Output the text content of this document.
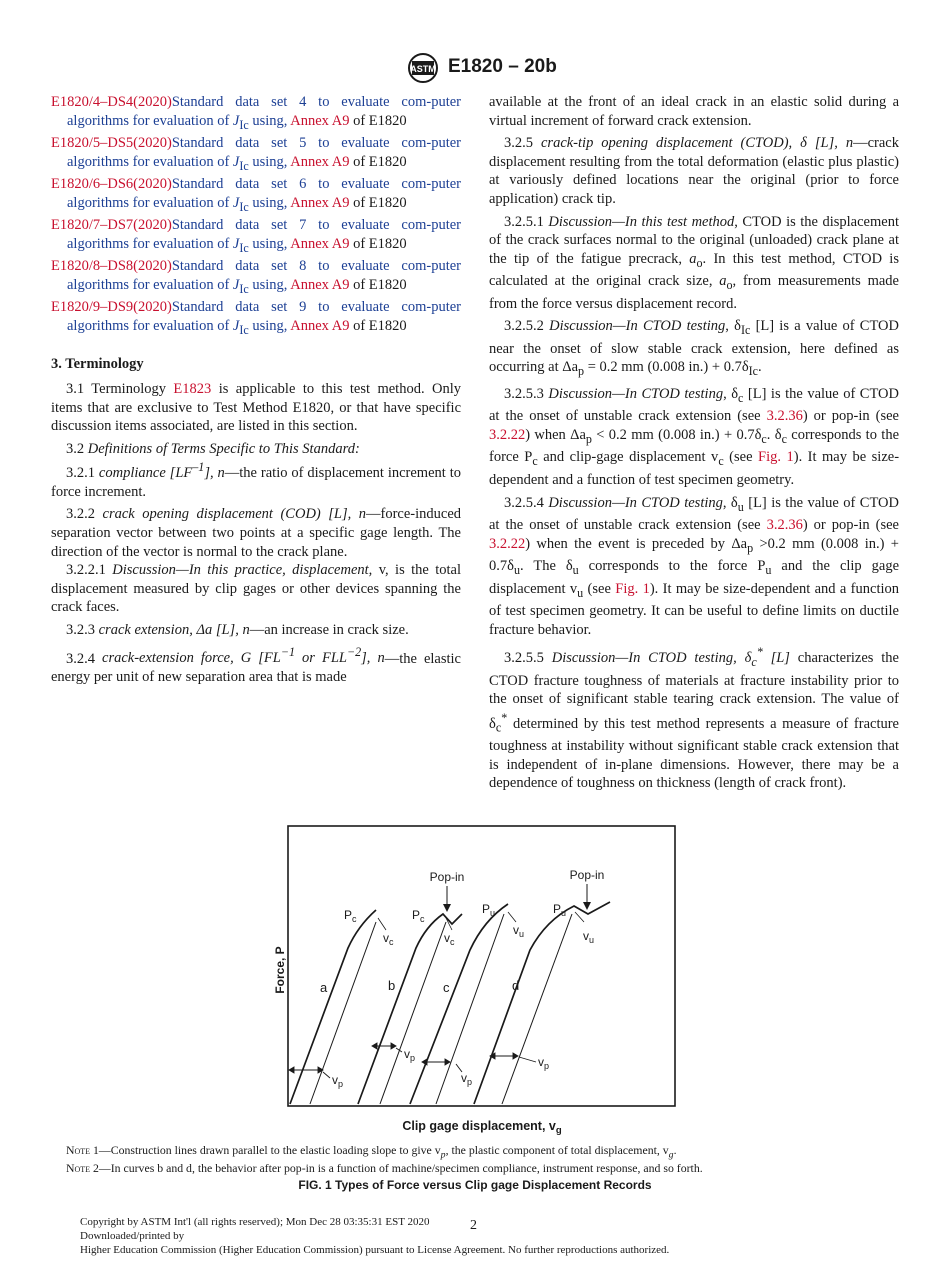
ASTM E1820 – 20b

E1820/4–DS4(2020)Standard data set 4 to evaluate com-puter algorithms for evaluation of $J_{Ic}$ using, Annex A9 of E1820

E1820/5–DS5(2020)Standard data set 5 to evaluate com-puter algorithms for evaluation of $J_{Ic}$ using, Annex A9 of E1820

E1820/6–DS6(2020)Standard data set 6 to evaluate com-puter algorithms for evaluation of $J_{Ic}$ using, Annex A9 of E1820

E1820/7–DS7(2020)Standard data set 7 to evaluate com-puter algorithms for evaluation of $J_{Ic}$ using, Annex A9 of E1820

E1820/8–DS8(2020)Standard data set 8 to evaluate com-puter algorithms for evaluation of $J_{Ic}$ using, Annex A9 of E1820

E1820/9–DS9(2020)Standard data set 9 to evaluate com-puter algorithms for evaluation of $J_{Ic}$ using, Annex A9 of E1820

3. Terminology

3.1 Terminology E1823 is applicable to this test method. Only items that are exclusive to Test Method E1820, or that have specific discussion items associated, are listed in this section.

3.2 Definitions of Terms Specific to This Standard:

3.2.1 compliance $[LF^{-1}]$, n—the ratio of displacement increment to force increment.

3.2.2 crack opening displacement (COD) [L], n—force-induced separation vector between two points at a specific gage length. The direction of the vector is normal to the crack plane.

3.2.2.1 Discussion—In this practice, displacement, v, is the total displacement measured by clip gages or other devices spanning the crack faces.

3.2.3 crack extension, Δa [L], n—an increase in crack size.

3.2.4 crack-extension force, G [$FL^{-1}$ or $FLL^{-2}$], n—the elastic energy per unit of new separation area that is made

available at the front of an ideal crack in an elastic solid during a virtual increment of forward crack extension.

3.2.5 crack-tip opening displacement (CTOD), δ [L], n—crack displacement resulting from the total deformation (elastic plus plastic) at variously defined locations near the original (prior to force application) crack tip.

3.2.5.1 Discussion—In this test method, CTOD is the displacement of the crack surfaces normal to the original (unloaded) crack plane at the tip of the fatigue precrack, $a_o$. In this test method, CTOD is calculated at the original crack size, $a_o$, from measurements made from the force versus displacement record.

3.2.5.2 Discussion—In CTOD testing, $\delta_{Ic}$ [L] is a value of CTOD near the onset of slow stable crack extension, here defined as occurring at $\Delta a_p = 0.2$ mm (0.008 $in.) + 0.7\delta_{Ic}$.

3.2.5.3 Discussion—In CTOD testing, $\delta_c$ [L] is the value of CTOD at the onset of unstable crack extension (see 3.2.36) or pop-in (see 3.2.22) when $\Delta a_p < 0.2$ mm (0.008 $in.) + 0.7\delta_c$. $\delta_c$ corresponds to the force $P_c$ and clip-gage displacement $v_c$ (see Fig. 1). It may be size-dependent and a function of test specimen geometry.

3.2.5.4 Discussion—In CTOD testing, $\delta_u$ [L] is the value of CTOD at the onset of unstable crack extension (see 3.2.36) or pop-in (see 3.2.22) when the event is preceded by $\Delta a_p >0.2$ mm (0.008 $in.) + 0.7\delta_u$. The $\delta_u$ corresponds to the force $P_u$ and the clip gage displacement $v_u$ (see Fig. 1). It may be size-dependent and a function of test specimen geometry. It can be useful to define limits on ductile fracture behavior.

3.2.5.5 Discussion—In CTOD testing, $\delta_c^*$ [L] characterizes the CTOD fracture toughness of materials at fracture instability prior to the onset of significant stable tearing crack extension. The value of $\delta_c^*$ determined by this test method represents a measure of fracture toughness at instability without significant stable crack extension that is independent of in-plane dimensions. However, there may be a dependence of toughness on thickness (length of crack front).

Force, P
Pop-in	Pop-in
$P_c$	$P_c$
$P_u$	$P_u$
$v_c$	$v_c$
$v_u$	$v_u$
a	b	c	d
$v_p$
$v_p$
$v_p$
$v_p$
Clip gage displacement, $v_g$
Note 1—Construction lines drawn parallel to the elastic loading slope to give $v_p$, the plastic component of total displacement, $v_g$.
Note 2—In curves b and d, the behavior after pop-in is a function of machine/specimen compliance, instrument response, and so forth.
FIG. 1 Types of Force versus Clip gage Displacement Records
Copyright by ASTM Int'l (all rights reserved); Mon Dec 28 03:35:31 EST 2020	2
Downloaded/printed by
Higher Education Commission (Higher Education Commission) pursuant to License Agreement. No further reproductions authorized.
